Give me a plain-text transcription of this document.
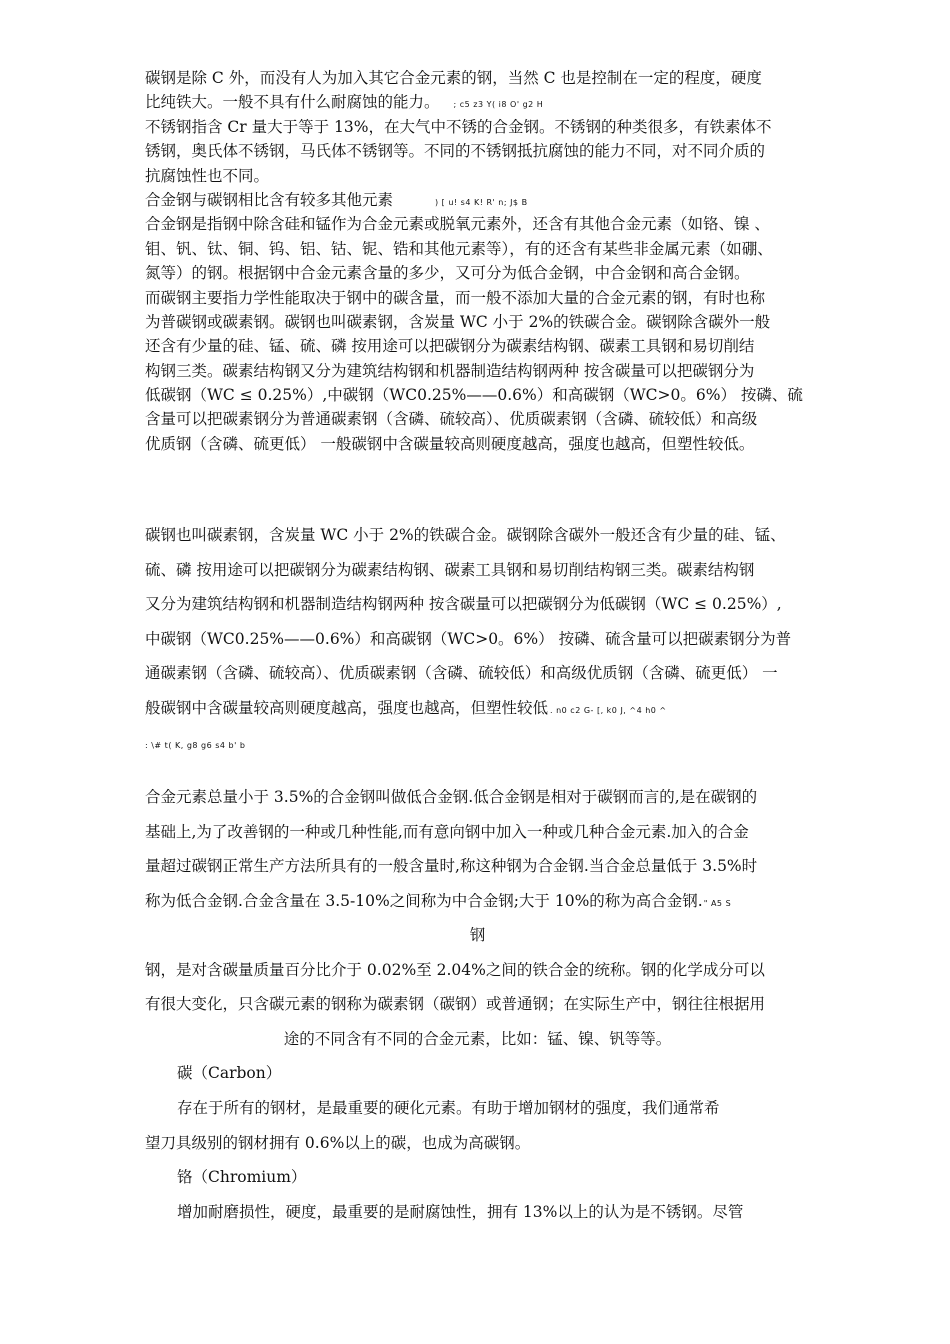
碳钢是除 C 外，而没有人为加入其它合金元素的钢，当然 C 也是控制在一定的程度，硬度
比纯铁大。一般不具有什么耐腐蚀的能力。 ; c5 z3 Y( i8 O' g2 H
不锈钢指含 Cr 量大于等于 13%，在大气中不锈的合金钢。不锈钢的种类很多，有铁素体不
锈钢，奥氏体不锈钢，马氏体不锈钢等。不同的不锈钢抵抗腐蚀的能力不同，对不同介质的
抗腐蚀性也不同。
合金钢与碳钢相比含有较多其他元素	) [ u! s4 K! R' n; J$ B
合金钢是指钢中除含硅和锰作为合金元素或脱氧元素外，还含有其他合金元素（如铬、镍 、
钼、钒、钛、铜、钨、铝、钴、铌、锆和其他元素等），有的还含有某些非金属元素（如硼、
氮等）的钢。根据钢中合金元素含量的多少，又可分为低合金钢，中合金钢和高合金钢。
而碳钢主要指力学性能取决于钢中的碳含量，而一般不添加大量的合金元素的钢，有时也称
为普碳钢或碳素钢。碳钢也叫碳素钢，含炭量 WC 小于 2%的铁碳合金。碳钢除含碳外一般
还含有少量的硅、锰、硫、磷 按用途可以把碳钢分为碳素结构钢、碳素工具钢和易切削结
构钢三类。碳素结构钢又分为建筑结构钢和机器制造结构钢两种 按含碳量可以把碳钢分为
低碳钢（WC ≤ 0.25%）,中碳钢（WC0.25%——0.6%）和高碳钢（WC>0。6%） 按磷、硫
含量可以把碳素钢分为普通碳素钢（含磷、硫较高）、优质碳素钢（含磷、硫较低）和高级
优质钢（含磷、硫更低） 一般碳钢中含碳量较高则硬度越高，强度也越高，但塑性较低。
碳钢也叫碳素钢，含炭量 WC 小于 2%的铁碳合金。碳钢除含碳外一般还含有少量的硅、锰、
硫、磷 按用途可以把碳钢分为碳素结构钢、碳素工具钢和易切削结构钢三类。碳素结构钢
又分为建筑结构钢和机器制造结构钢两种 按含碳量可以把碳钢分为低碳钢（WC ≤ 0.25%）,
中碳钢（WC0.25%——0.6%）和高碳钢（WC>0。6%） 按磷、硫含量可以把碳素钢分为普
通碳素钢（含磷、硫较高）、优质碳素钢（含磷、硫较低）和高级优质钢（含磷、硫更低） 一
般碳钢中含碳量较高则硬度越高，强度也越高，但塑性较低 . n0 c2 G- [, k0 J, ^4 h0 ^
: \# t( K, g8 g6 s4 b' b
合金元素总量小于 3.5%的合金钢叫做低合金钢.低合金钢是相对于碳钢而言的,是在碳钢的
基础上,为了改善钢的一种或几种性能,而有意向钢中加入一种或几种合金元素.加入的合金
量超过碳钢正常生产方法所具有的一般含量时,称这种钢为合金钢.当合金总量低于 3.5%时
称为低合金钢.合金含量在 3.5-10%之间称为中合金钢;大于 10%的称为高合金钢." A5 S
钢
钢，是对含碳量质量百分比介于 0.02%至 2.04%之间的铁合金的统称。钢的化学成分可以
有很大变化，只含碳元素的钢称为碳素钢（碳钢）或普通钢；在实际生产中，钢往往根据用
途的不同含有不同的合金元素，比如：锰、镍、钒等等。
碳（Carbon）
存在于所有的钢材，是最重要的硬化元素。有助于增加钢材的强度，我们通常希
望刀具级别的钢材拥有 0.6%以上的碳，也成为高碳钢。
铬（Chromium）
增加耐磨损性，硬度，最重要的是耐腐蚀性，拥有 13%以上的认为是不锈钢。尽管
